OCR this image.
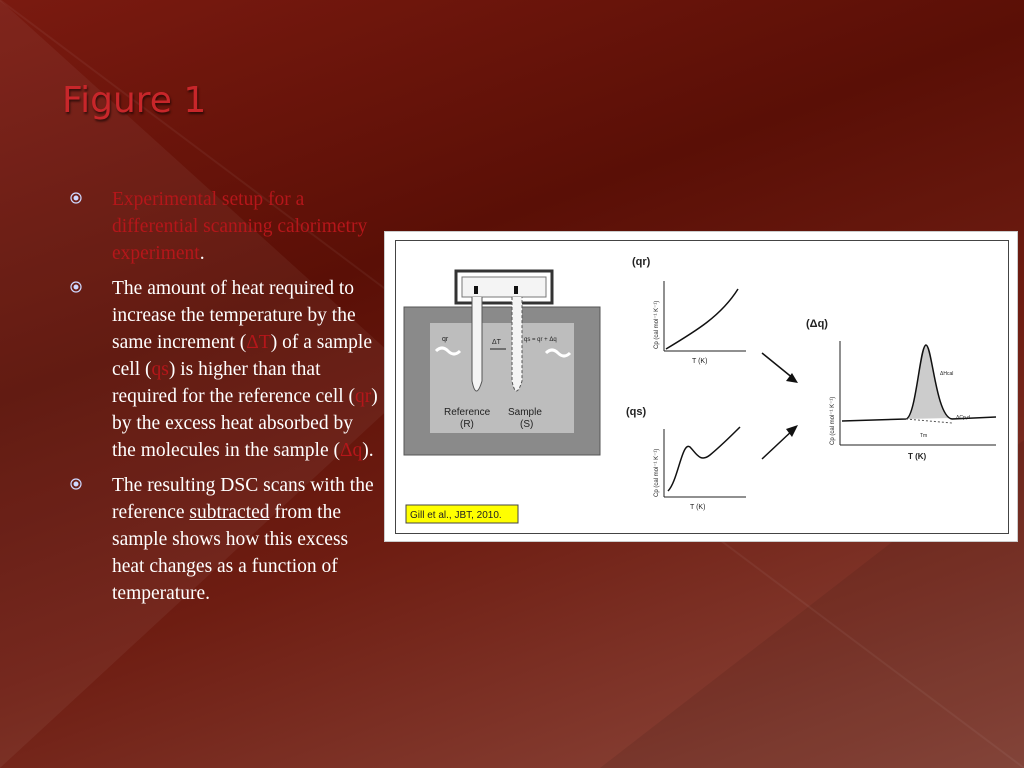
Figure 1
Experimental setup for a differential scanning calorimetry experiment.
The amount of heat required to increase the temperature by the same increment (ΔT) of a sample cell (qs) is higher than that required for the reference cell (qr) by the excess heat absorbed by the molecules in the sample (Δq).
The resulting DSC scans with the reference subtracted from the sample shows how this excess heat changes as a function of temperature.
qr	ΔT	qs = qr + Δq
Reference
(R)
Sample
(S)
(qr)
Cp (cal mol⁻¹ K⁻¹)
T (K)
(qs)
Cp (cal mol⁻¹ K⁻¹)
T (K)
(Δq)
Cp (cal mol⁻¹ K⁻¹)
T (K)
ΔHcal
ΔCp,d
Tm
Gill et al., JBT, 2010.
